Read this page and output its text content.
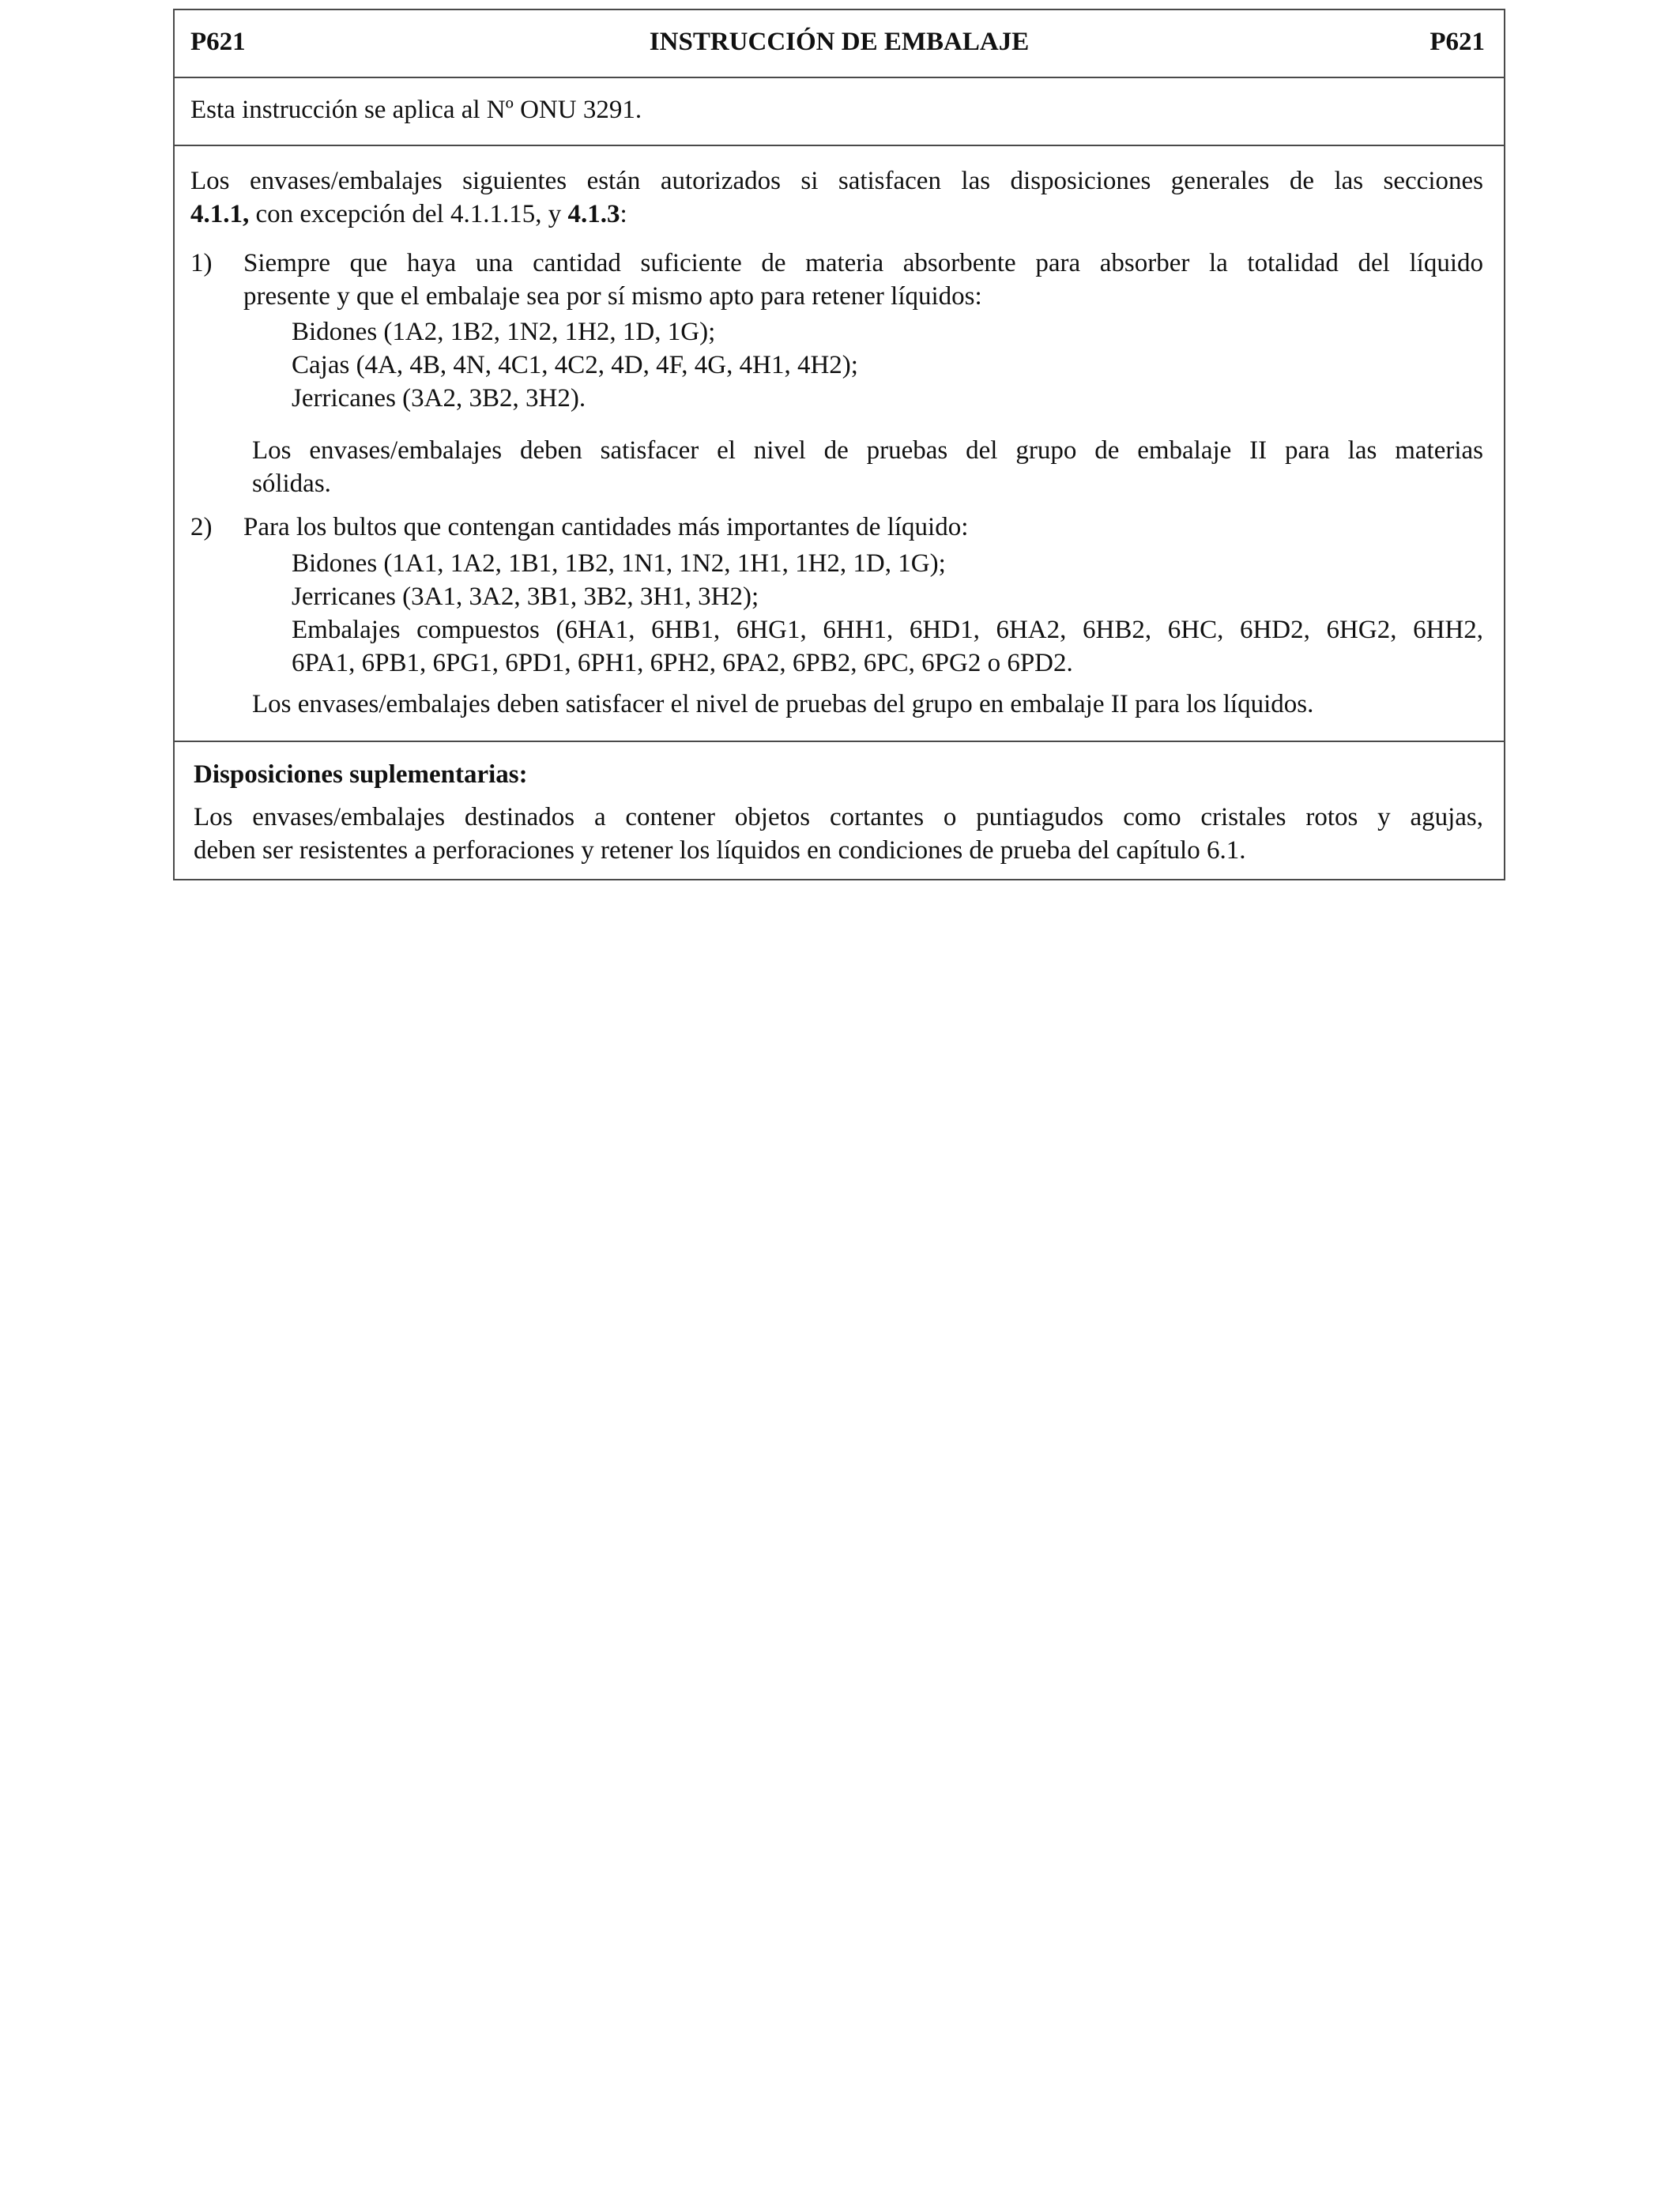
P621	INSTRUCCIÓN DE EMBALAJE	P621
Esta instrucción se aplica al Nº ONU 3291.
Los envases/embalajes siguientes están autorizados si satisfacen las disposiciones generales de las secciones
4.1.1, con excepción del 4.1.1.15, y 4.1.3:
1) Siempre que haya una cantidad suficiente de materia absorbente para absorber la totalidad del líquido
presente y que el embalaje sea por sí mismo apto para retener líquidos:
Bidones (1A2, 1B2, 1N2, 1H2, 1D, 1G);
Cajas (4A, 4B, 4N, 4C1, 4C2, 4D, 4F, 4G, 4H1, 4H2);
Jerricanes (3A2, 3B2, 3H2).
Los envases/embalajes deben satisfacer el nivel de pruebas del grupo de embalaje II para las materias
sólidas.
2) Para los bultos que contengan cantidades más importantes de líquido:
Bidones (1A1, 1A2, 1B1, 1B2, 1N1, 1N2, 1H1, 1H2, 1D, 1G);
Jerricanes (3A1, 3A2, 3B1, 3B2, 3H1, 3H2);
Embalajes compuestos (6HA1, 6HB1, 6HG1, 6HH1, 6HD1, 6HA2, 6HB2, 6HC, 6HD2, 6HG2, 6HH2,
6PA1, 6PB1, 6PG1, 6PD1, 6PH1, 6PH2, 6PA2, 6PB2, 6PC, 6PG2 o 6PD2.
Los envases/embalajes deben satisfacer el nivel de pruebas del grupo en embalaje II para los líquidos.
Disposiciones suplementarias:
Los envases/embalajes destinados a contener objetos cortantes o puntiagudos como cristales rotos y agujas,
deben ser resistentes a perforaciones y retener los líquidos en condiciones de prueba del capítulo 6.1.
